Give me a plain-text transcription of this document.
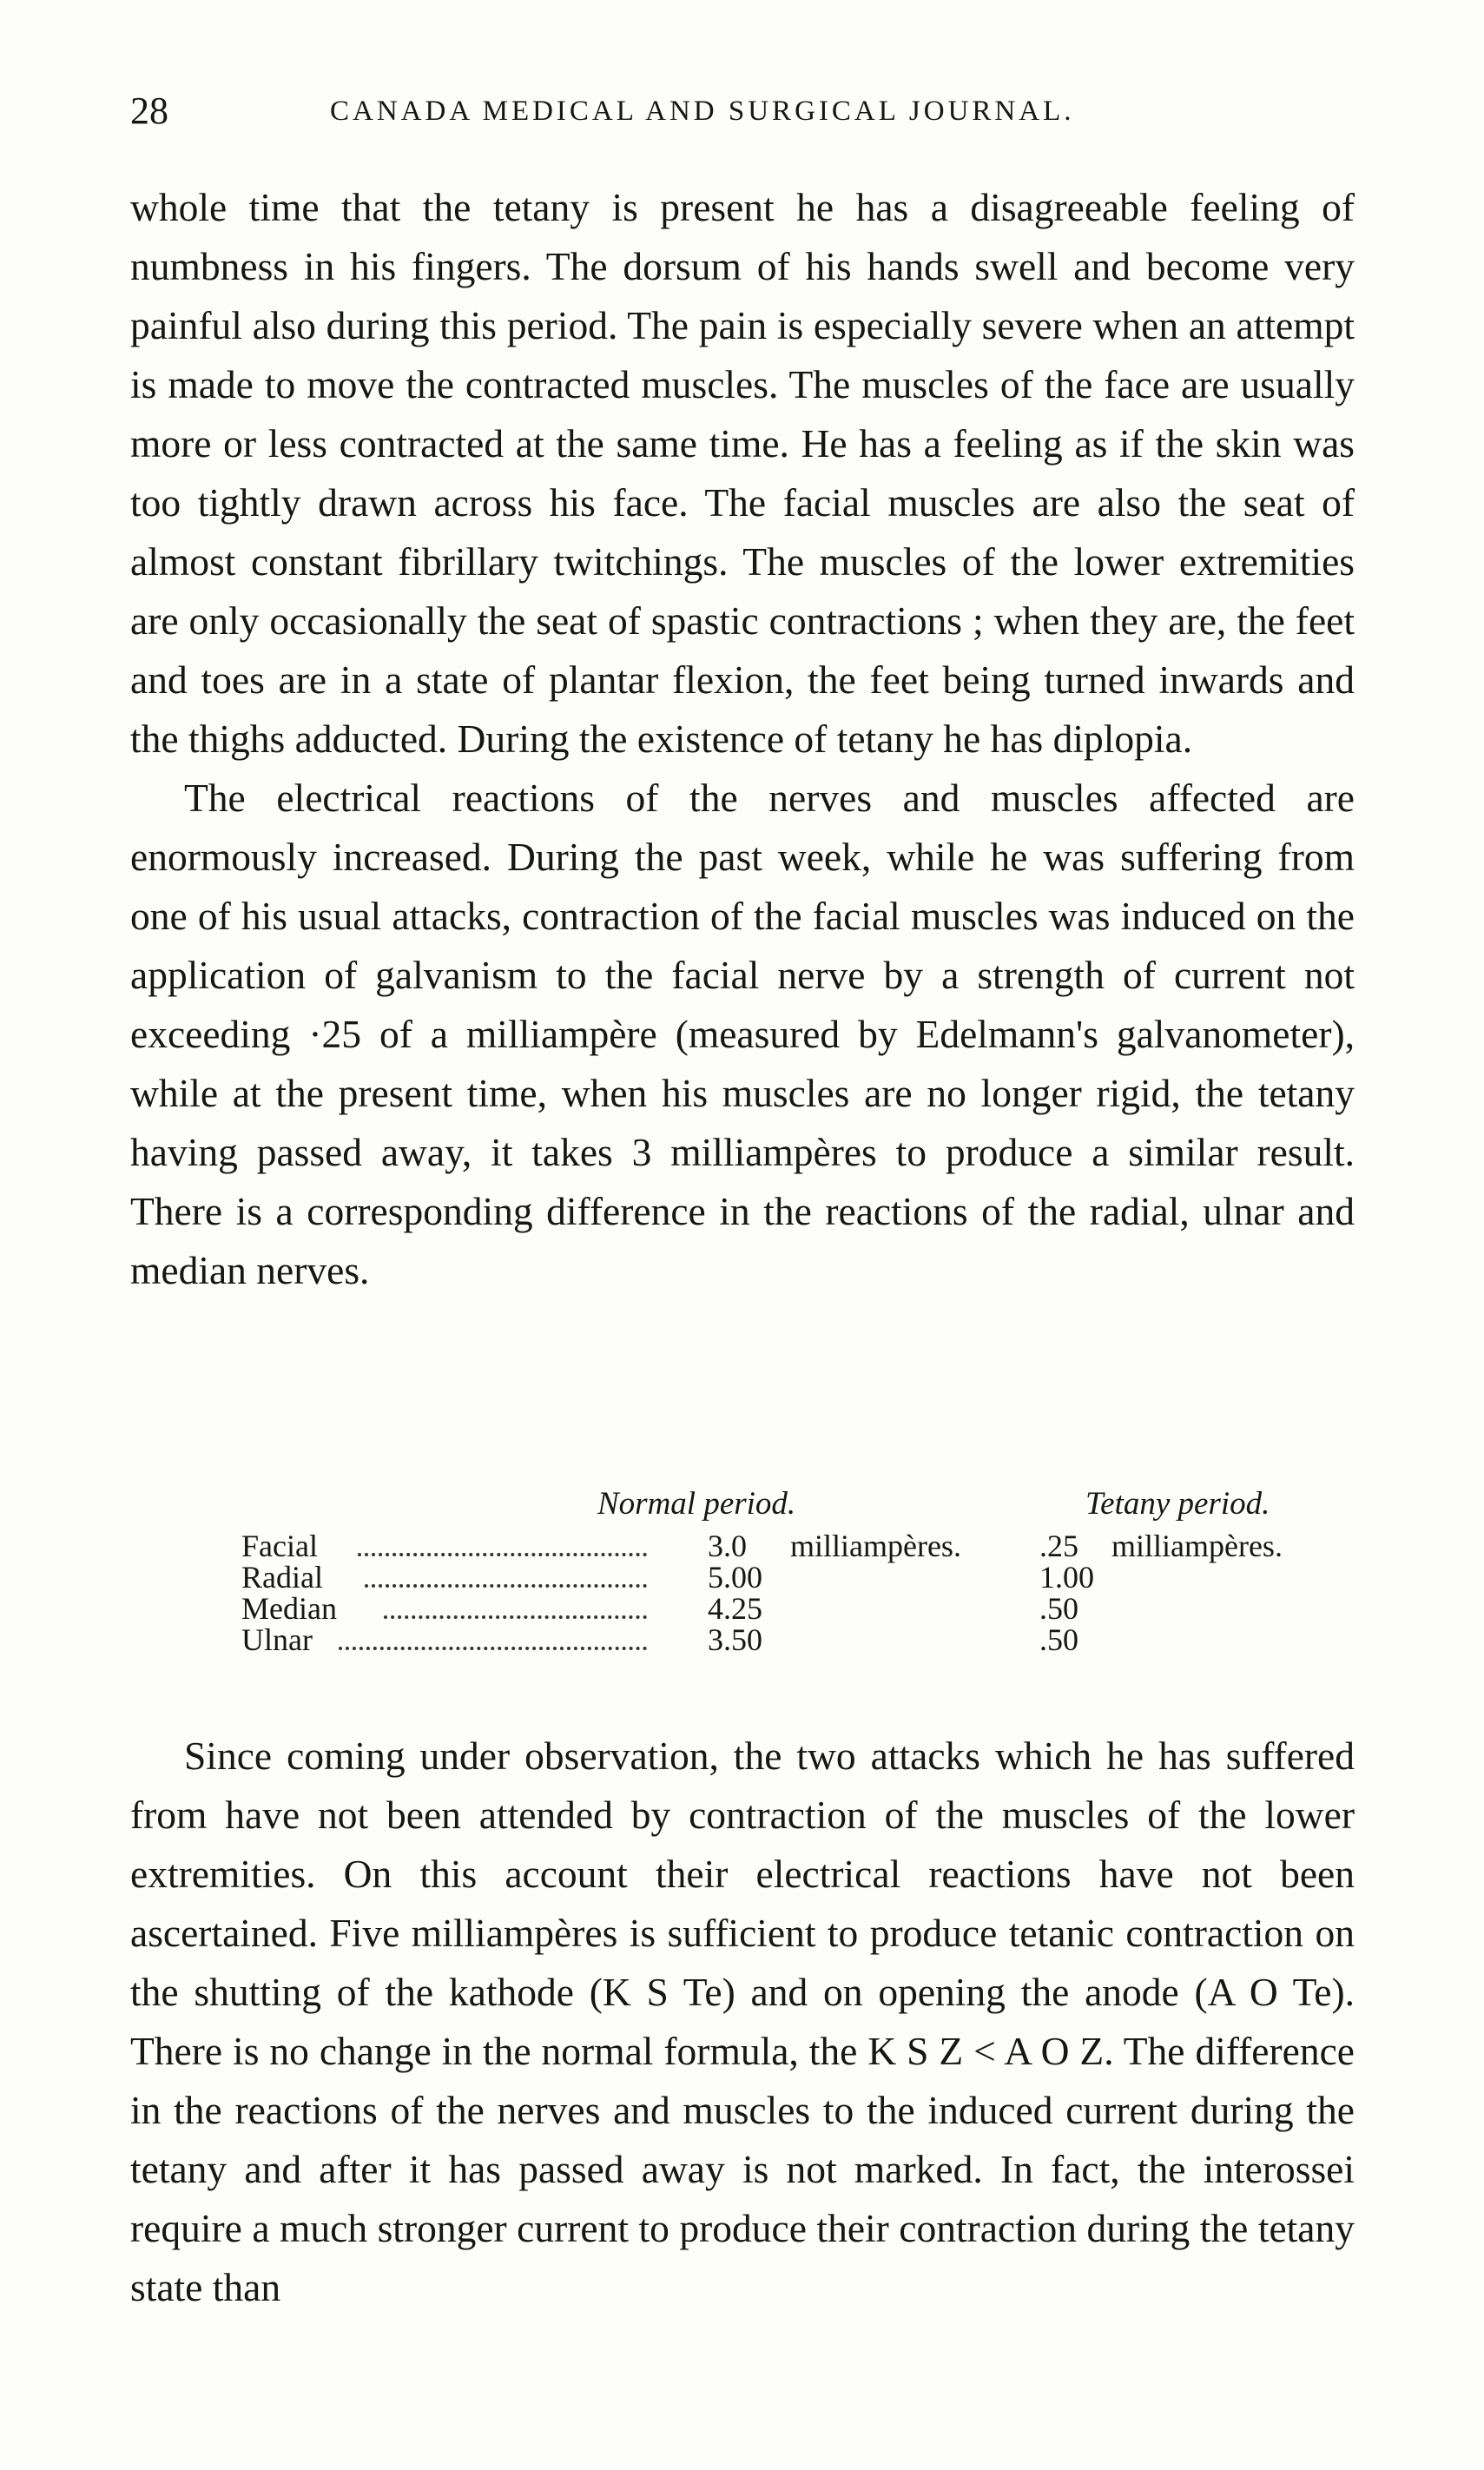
28	CANADA MEDICAL AND SURGICAL JOURNAL.

whole time that the tetany is present he has a disagreeable feeling of numbness in his fingers. The dorsum of his hands swell and become very painful also during this period. The pain is especially severe when an attempt is made to move the contracted muscles. The muscles of the face are usually more or less contracted at the same time. He has a feeling as if the skin was too tightly drawn across his face. The facial muscles are also the seat of almost constant fibrillary twitchings. The muscles of the lower extremities are only occasionally the seat of spastic contractions ; when they are, the feet and toes are in a state of plantar flexion, the feet being turned inwards and the thighs adducted. During the existence of tetany he has diplopia.

The electrical reactions of the nerves and muscles affected are enormously increased. During the past week, while he was suffering from one of his usual attacks, contraction of the facial muscles was induced on the application of galvanism to the facial nerve by a strength of current not exceeding ·25 of a milliampère (measured by Edelmann's galvanometer), while at the present time, when his muscles are no longer rigid, the tetany having passed away, it takes 3 milliampères to produce a similar result. There is a corresponding difference in the reactions of the radial, ulnar and median nerves.

Normal period.	Tetany period.
Facial	3.0 milliampères.	.25 milliampères.
Radial	5.00	1.00
Median	4.25	.50
Ulnar	3.50	.50

Since coming under observation, the two attacks which he has suffered from have not been attended by contraction of the muscles of the lower extremities. On this account their electrical reactions have not been ascertained. Five milliampères is sufficient to produce tetanic contraction on the shutting of the kathode (K S Te) and on opening the anode (A O Te). There is no change in the normal formula, the K S Z < A O Z. The difference in the reactions of the nerves and muscles to the induced current during the tetany and after it has passed away is not marked. In fact, the interossei require a much stronger current to produce their contraction during the tetany state than
